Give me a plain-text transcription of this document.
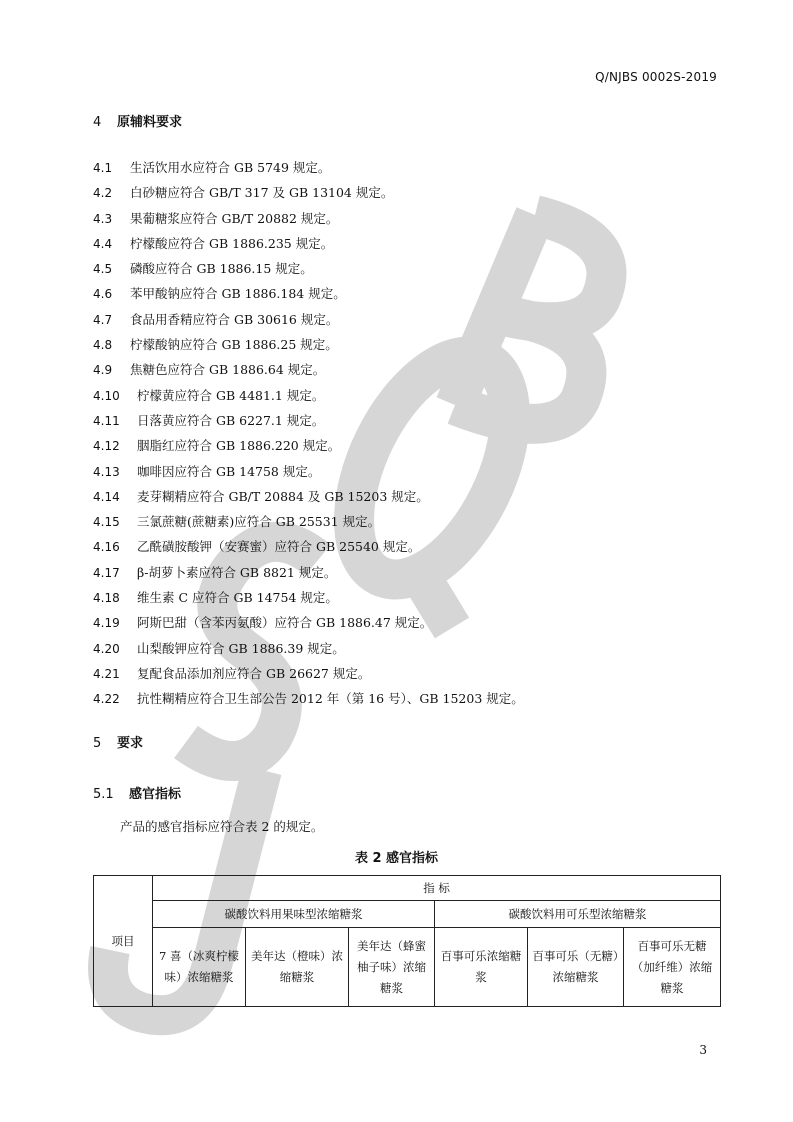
Q/NJBS 0002S-2019
4 原辅料要求
4.1 生活饮用水应符合 GB 5749 规定。
4.2 白砂糖应符合 GB/T 317 及 GB 13104 规定。
4.3 果葡糖浆应符合 GB/T 20882 规定。
4.4 柠檬酸应符合 GB 1886.235 规定。
4.5 磷酸应符合 GB 1886.15 规定。
4.6 苯甲酸钠应符合 GB 1886.184 规定。
4.7 食品用香精应符合 GB 30616 规定。
4.8 柠檬酸钠应符合 GB 1886.25 规定。
4.9 焦糖色应符合 GB 1886.64 规定。
4.10 柠檬黄应符合 GB 4481.1 规定。
4.11 日落黄应符合 GB 6227.1 规定。
4.12 胭脂红应符合 GB 1886.220 规定。
4.13 咖啡因应符合 GB 14758 规定。
4.14 麦芽糊精应符合 GB/T 20884 及 GB 15203 规定。
4.15 三氯蔗糖(蔗糖素)应符合 GB 25531 规定。
4.16 乙酰磺胺酸钾（安赛蜜）应符合 GB 25540 规定。
4.17 β-胡萝卜素应符合 GB 8821 规定。
4.18 维生素 C 应符合 GB 14754 规定。
4.19 阿斯巴甜（含苯丙氨酸）应符合 GB 1886.47 规定。
4.20 山梨酸钾应符合 GB 1886.39 规定。
4.21 复配食品添加剂应符合 GB 26627 规定。
4.22 抗性糊精应符合卫生部公告 2012 年（第 16 号）、GB 15203 规定。
5 要求
5.1 感官指标
产品的感官指标应符合表 2 的规定。
表 2 感官指标
项目	指 标					
	碳酸饮料用果味型浓缩糖浆			碳酸饮料用可乐型浓缩糖浆		
	7 喜（冰爽柠檬味）浓缩糖浆	美年达（橙味）浓缩糖浆	美年达（蜂蜜柚子味）浓缩糖浆	百事可乐浓缩糖浆	百事可乐（无糖）浓缩糖浆	百事可乐无糖（加纤维）浓缩糖浆
3
